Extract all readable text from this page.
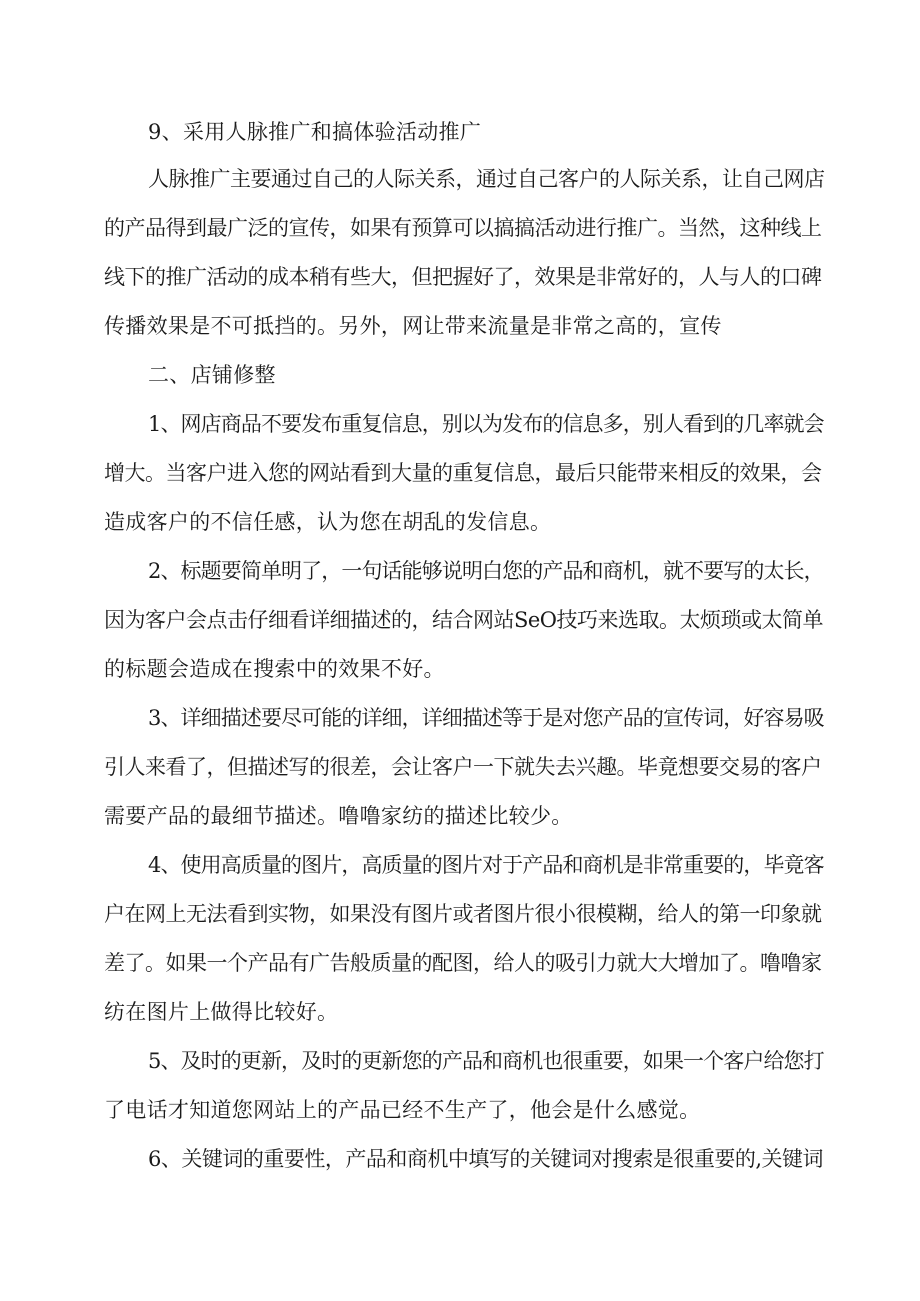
9、采用人脉推广和搞体验活动推广
人脉推广主要通过自己的人际关系，通过自己客户的人际关系，让自己网店
的产品得到最广泛的宣传，如果有预算可以搞搞活动进行推广。当然，这种线上
线下的推广活动的成本稍有些大，但把握好了，效果是非常好的，人与人的口碑
传播效果是不可抵挡的。另外，网让带来流量是非常之高的，宣传
二、店铺修整
1、网店商品不要发布重复信息，别以为发布的信息多，别人看到的几率就会
增大。当客户进入您的网站看到大量的重复信息，最后只能带来相反的效果，会
造成客户的不信任感，认为您在胡乱的发信息。
2、标题要简单明了，一句话能够说明白您的产品和商机，就不要写的太长，
因为客户会点击仔细看详细描述的，结合网站SeO技巧来选取。太烦琐或太简单
的标题会造成在搜索中的效果不好。
3、详细描述要尽可能的详细，详细描述等于是对您产品的宣传词，好容易吸
引人来看了，但描述写的很差，会让客户一下就失去兴趣。毕竟想要交易的客户
需要产品的最细节描述。噜噜家纺的描述比较少。
4、使用高质量的图片，高质量的图片对于产品和商机是非常重要的，毕竟客
户在网上无法看到实物，如果没有图片或者图片很小很模糊，给人的第一印象就
差了。如果一个产品有广告般质量的配图，给人的吸引力就大大增加了。噜噜家
纺在图片上做得比较好。
5、及时的更新，及时的更新您的产品和商机也很重要，如果一个客户给您打
了电话才知道您网站上的产品已经不生产了，他会是什么感觉。
6、关键词的重要性，产品和商机中填写的关键词对搜索是很重要的,关键词
